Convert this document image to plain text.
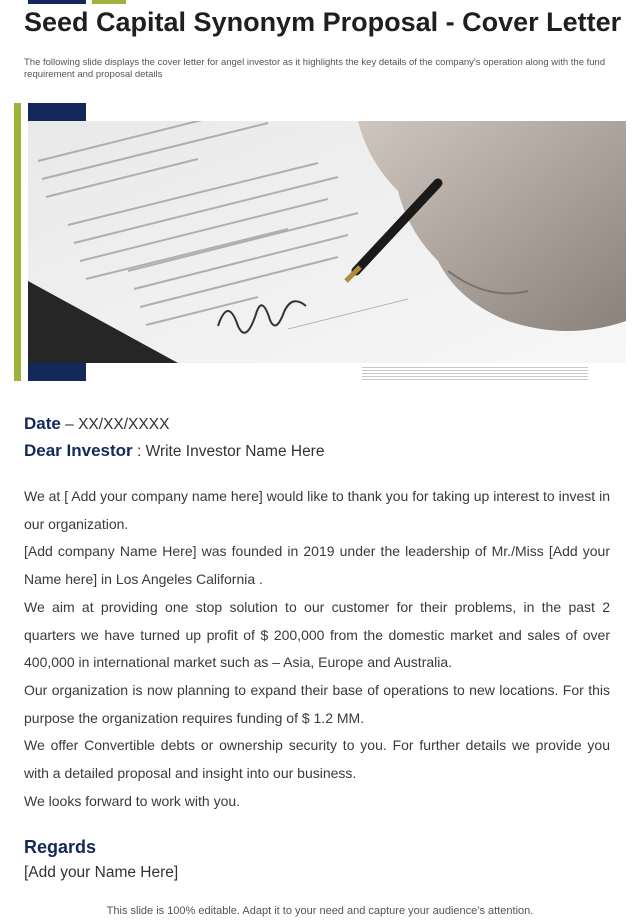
Seed Capital Synonym Proposal - Cover Letter

The following slide displays the cover letter for angel investor as it highlights the key details of the company's operation along with the fund requirement and proposal details

Date – XX/XX/XXXX
Dear Investor : Write Investor Name Here

We at [ Add your company name here] would like to thank you for taking up interest to invest in our organization.

[Add company Name Here] was founded in 2019 under the leadership of Mr./Miss [Add your Name here] in Los Angeles California .

We aim at providing one stop solution to our customer for their problems, in the past 2 quarters we have turned up profit of $ 200,000 from the domestic market and sales of over 400,000 in international market such as – Asia, Europe and Australia.

Our organization is now planning to expand their base of operations to new locations. For this purpose the organization requires funding of $ 1.2 MM.

We offer Convertible debts or ownership security to you. For further details we provide you with a detailed proposal and insight into our business.

We looks forward to work with you.

Regards
[Add your Name Here]
This slide is 100% editable. Adapt it to your need and capture your audience’s attention.
